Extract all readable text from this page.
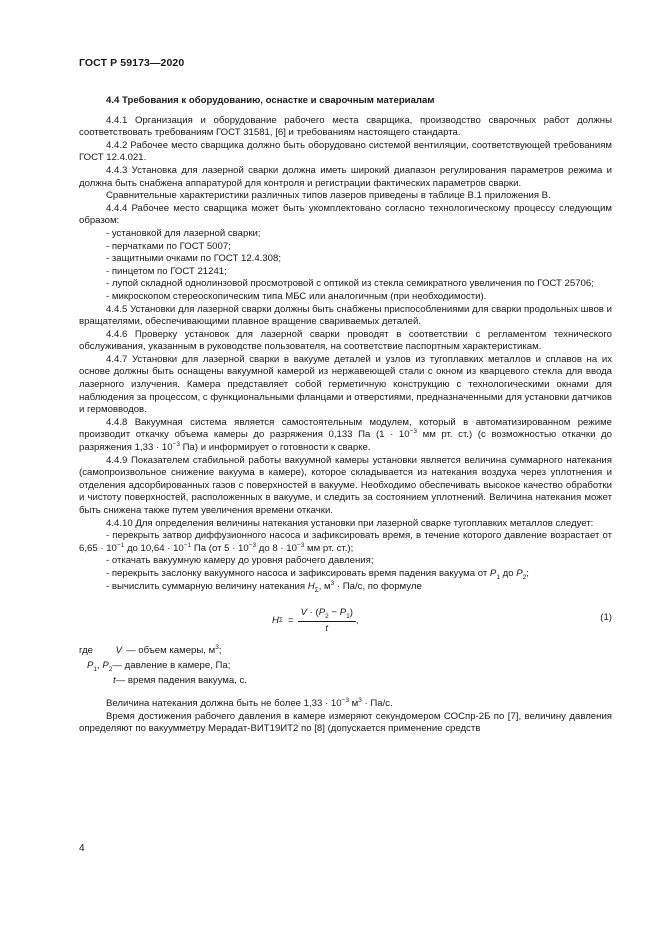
ГОСТ Р 59173—2020

4.4 Требования к оборудованию, оснастке и сварочным материалам

4.4.1 Организация и оборудование рабочего места сварщика, производство сварочных работ должны соответствовать требованиям ГОСТ 31581, [6] и требованиям настоящего стандарта.

4.4.2 Рабочее место сварщика должно быть оборудовано системой вентиляции, соответствующей требованиям ГОСТ 12.4.021.

4.4.3 Установка для лазерной сварки должна иметь широкий диапазон регулирования параметров режима и должна быть снабжена аппаратурой для контроля и регистрации фактических параметров сварки.

Сравнительные характеристики различных типов лазеров приведены в таблице В.1 приложения В.

4.4.4 Рабочее место сварщика может быть укомплектовано согласно технологическому процессу следующим образом:

- установкой для лазерной сварки;

- перчатками по ГОСТ 5007;

- защитными очками по ГОСТ 12.4.308;

- пинцетом по ГОСТ 21241;

- лупой складной однолинзовой просмотровой с оптикой из стекла семикратного увеличения по ГОСТ 25706;

- микроскопом стереоскопическим типа МБС или аналогичным (при необходимости).

4.4.5 Установки для лазерной сварки должны быть снабжены приспособлениями для сварки продольных швов и вращателями, обеспечивающими плавное вращение свариваемых деталей.

4.4.6 Проверку установок для лазерной сварки проводят в соответствии с регламентом технического обслуживания, указанным в руководстве пользователя, на соответствие паспортным характеристикам.

4.4.7 Установки для лазерной сварки в вакууме деталей и узлов из тугоплавких металлов и сплавов на их основе должны быть оснащены вакуумной камерой из нержавеющей стали с окном из кварцевого стекла для ввода лазерного излучения. Камера представляет собой герметичную конструкцию с технологическими окнами для наблюдения за процессом, с функциональными фланцами и отверстиями, предназначенными для установки датчиков и гермовводов.

4.4.8 Вакуумная система является самостоятельным модулем, который в автоматизированном режиме производит откачку объема камеры до разряжения 0,133 Па ($1 \cdot 10^{-3}$ мм рт. ст.) (с возможностью откачки до разряжения $1,33 \cdot 10^{-3}$ Па) и информирует о готовности к сварке.

4.4.9 Показателем стабильной работы вакуумной камеры установки является величина суммарного натекания (самопроизвольное снижение вакуума в камере), которое складывается из натекания воздуха через уплотнения и отделения адсорбированных газов с поверхностей в вакууме. Необходимо обеспечивать высокое качество обработки и чистоту поверхностей, расположенных в вакууме, и следить за состоянием уплотнений. Величина натекания может быть снижена также путем увеличения времени откачки.

4.4.10 Для определения величины натекания установки при лазерной сварке тугоплавких металлов следует:

- перекрыть затвор диффузионного насоса и зафиксировать время, в течение которого давление возрастает от $6,65 \cdot 10^{-1}$ до $10,64 \cdot 10^{-1}$ Па (от $5 \cdot 10^{-3}$ до $8 \cdot 10^{-3}$ мм рт. ст.);

- откачать вакуумную камеру до уровня рабочего давления;

- перекрыть заслонку вакуумного насоса и зафиксировать время падения вакуума от $P_1$ до $P_2$;

- вычислить суммарную величину натекания $H_\Sigma$, $м^3 \cdot Па/с$, по формуле

H $\Sigma = \frac{V \cdot (P_2 - P_1)}{t}$ ,	(1)
где	V — объем камеры, $м^3$;
$P_1$, $P_2$ — давление в камере, Па;
t — время падения вакуума, с.

Величина натекания должна быть не более $1,33 \cdot 10^{-3}$ $м^3 \cdot Па/с$.

Время достижения рабочего давления в камере измеряют секундомером СОСпр-2Б по [7], величину давления определяют по вакуумметру Мерадат-ВИТ19ИТ2 по [8] (допускается применение средств

4
